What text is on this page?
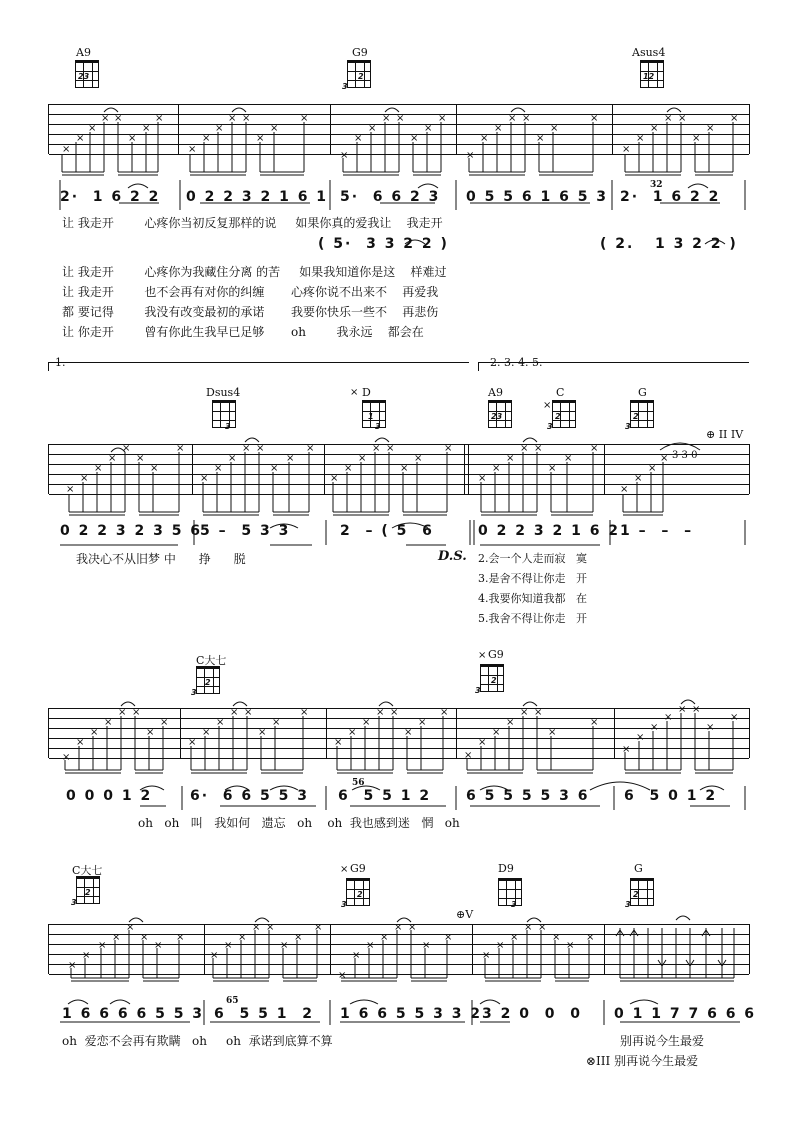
A9
23
G9
3
2
Asus4
12
×
×
×
× ×
×
×
×
×
×
×
× ×
×
×
×
×
×
×
× ×
×
×
×
×
×
×
× ×
×
×
×
×
×
×
× ×
×
×
×
2·  1 6 2 2 0 2 2 3 2 1 6 1 5·  6 6 2 3 0 5 5 6 1 6 5 3 2·  1 6 2 2
32
让 我走开        心疼你当初反复那样的说     如果你真的爱我让    我走开
( 5·  3 3 2 2 )	( 2.   1 3 2 2 )
让 我走开        心疼你为我藏住分离 的苦     如果我知道你是这    样难过
让 我走开        也不会再有对你的纠缠       心疼你说不出来不    再爱我
都 要记得        我没有改变最初的承诺       我要你快乐一些不    再悲伤
让 你走开        曾有你此生我早已足够       oh        我永远    都会在
1.	2. 3. 4. 5.
Dsus4
3
× D
1
3
A9
23
×
C
2
3
G
2
3
⊕ II IV
3 3 0
×
×
×
×
×
×
×
×
×
×
×
× ×
×
×
×
×
×
×
× ×
×
×
×
×
×
×
× ×
×
×
×
×
×
×
×
0 2 2 3 2 3 5 6
5 –  5 3 3	2  – ( 5  6	0 2 2 3 2 1 6 2 1 –  –  –
我决心不从旧梦 中      挣      脱	D.S. 2.会一个人走而寂   寞
3.是舍不得让你走   开
4.我要你知道我都   在
5.我舍不得让你走   开
C大七
2
3
× G9
2
3
×
×
×
×
× ×
×
×
×
×
×
× ×
×
×
×
×
×
×
× ×
×
×
×
×
×
×
×
× ×
×
×
×
×
×
×
× ×
×
×
0 0 0 1 2	6·  6 6 5 5 3 6  5 5 1 2 6 5 5 5 5 3 6 6  5 0 1 2
56
oh   oh   叫   我如何   遗忘   oh    oh  我也感到迷   惘   oh
C大七
2
3
× G9
2
3
D9
3
⊕V
G
2
3
×
×
×
×
×
×
×
×
×
×
×
× ×
×
×
×
×
×
×
×
× ×
×
×
×
×
×
× ×
×
×
×
1 6 6 6 6 5 5 3 6  5 5 1  2 1 6 6 5 5 3 3 2 3 2 0  0  0 0 1 1 7 7 6 6 6
65
oh  爱恋不会再有欺瞒   oh     oh  承诺到底算不算	别再说今生最爱
⊗III 别再说今生最爱
